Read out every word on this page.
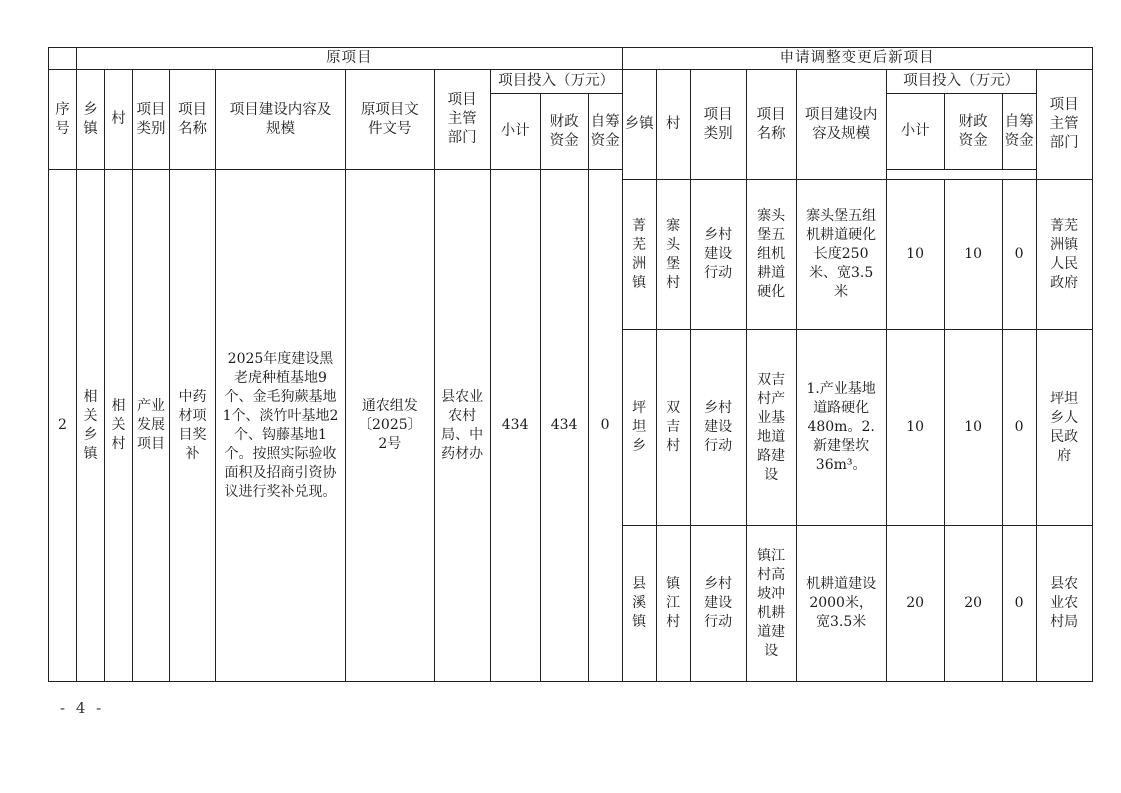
	原项目										申请调整变更后新项目								
序号	乡镇	村	项目类别	项目名称	项目建设内容及规模	原项目文件文号	项目主管部门	项目投入（万元）			乡镇	村	项目类别	项目名称	项目建设内容及规模	项目投入（万元）			项目主管部门
								小计	财政资金	自筹资金						小计	财政资金	自筹资金	
2	相关乡镇	相关村	产业发展项目	中药材项目奖补	2025年度建设黑老虎种植基地9个、金毛狗蕨基地1个、淡竹叶基地2个、钩藤基地1个。按照实际验收面积及招商引资协议进行奖补兑现。	通农组发〔2025〕2号	县农业农村局、中药材办	434	434	0									
											菁芜洲镇	寨头堡村	乡村建设行动	寨头堡五组机耕道硬化	寨头堡五组机耕道硬化长度250米、宽3.5米	10	10	0	菁芜洲镇人民政府
											坪坦乡	双吉村	乡村建设行动	双吉村产业基地道路建设	1.产业基地道路硬化480m。2.新建堡坎36m³。	10	10	0	坪坦乡人民政府
											县溪镇	镇江村	乡村建设行动	镇江村高坡冲机耕道建设	机耕道建设2000米，宽3.5米	20	20	0	县农业农村局
- 4 -
